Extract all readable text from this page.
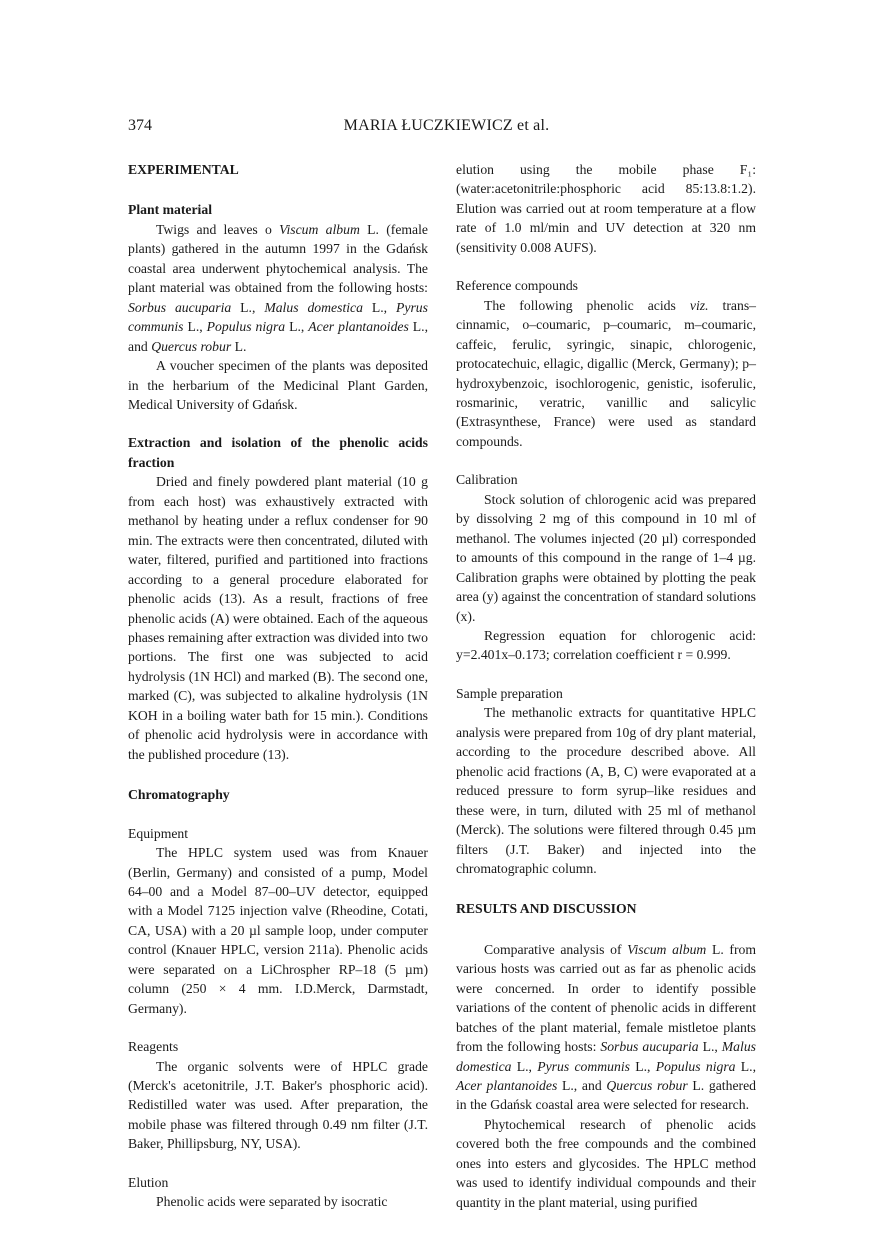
374	MARIA ŁUCZKIEWICZ et al.
EXPERIMENTAL
Plant material

Twigs and leaves o Viscum album L. (female plants) gathered in the autumn 1997 in the Gdańsk coastal area underwent phytochemical analysis. The plant material was obtained from the following hosts: Sorbus aucuparia L., Malus domestica L., Pyrus communis L., Populus nigra L., Acer plantanoides L., and Quercus robur L.

A voucher specimen of the plants was deposited in the herbarium of the Medicinal Plant Garden, Medical University of Gdańsk.

Extraction and isolation of the phenolic acids fraction

Dried and finely powdered plant material (10 g from each host) was exhaustively extracted with methanol by heating under a reflux condenser for 90 min. The extracts were then concentrated, diluted with water, filtered, purified and partitioned into fractions according to a general procedure elaborated for phenolic acids (13). As a result, fractions of free phenolic acids (A) were obtained. Each of the aqueous phases remaining after extraction was divided into two portions. The first one was subjected to acid hydrolysis (1N HCl) and marked (B). The second one, marked (C), was subjected to alkaline hydrolysis (1N KOH in a boiling water bath for 15 min.). Conditions of phenolic acid hydrolysis were in accordance with the published procedure (13).

Chromatography
Equipment

The HPLC system used was from Knauer (Berlin, Germany) and consisted of a pump, Model 64–00 and a Model 87–00–UV detector, equipped with a Model 7125 injection valve (Rheodine, Cotati, CA, USA) with a 20 µl sample loop, under computer control (Knauer HPLC, version 211a). Phenolic acids were separated on a LiChrospher RP–18 (5 µm) column (250 × 4 mm. I.D.Merck, Darmstadt, Germany).

Reagents

The organic solvents were of HPLC grade (Merck's acetonitrile, J.T. Baker's phosphoric acid). Redistilled water was used. After preparation, the mobile phase was filtered through 0.49 nm filter (J.T. Baker, Phillipsburg, NY, USA).

Elution

Phenolic acids were separated by isocratic

elution using the mobile phase F₁: (water:acetonitrile:phosphoric acid 85:13.8:1.2). Elution was carried out at room temperature at a flow rate of 1.0 ml/min and UV detection at 320 nm (sensitivity 0.008 AUFS).
Reference compounds

The following phenolic acids viz. trans–cinnamic, o–coumaric, p–coumaric, m–coumaric, caffeic, ferulic, syringic, sinapic, chlorogenic, protocatechuic, ellagic, digallic (Merck, Germany); p–hydroxybenzoic, isochlorogenic, genistic, isoferulic, rosmarinic, veratric, vanillic and salicylic (Extrasynthese, France) were used as standard compounds.

Calibration

Stock solution of chlorogenic acid was prepared by dissolving 2 mg of this compound in 10 ml of methanol. The volumes injected (20 µl) corresponded to amounts of this compound in the range of 1–4 µg. Calibration graphs were obtained by plotting the peak area (y) against the concentration of standard solutions (x).

Regression equation for chlorogenic acid: y=2.401x–0.173; correlation coefficient r = 0.999.

Sample preparation

The methanolic extracts for quantitative HPLC analysis were prepared from 10g of dry plant material, according to the procedure described above. All phenolic acid fractions (A, B, C) were evaporated at a reduced pressure to form syrup–like residues and these were, in turn, diluted with 25 ml of methanol (Merck). The solutions were filtered through 0.45 µm filters (J.T. Baker) and injected into the chromatographic column.

RESULTS AND DISCUSSION

Comparative analysis of Viscum album L. from various hosts was carried out as far as phenolic acids were concerned. In order to identify possible variations of the content of phenolic acids in different batches of the plant material, female mistletoe plants from the following hosts: Sorbus aucuparia L., Malus domestica L., Pyrus communis L., Populus nigra L., Acer plantanoides L., and Quercus robur L. gathered in the Gdańsk coastal area were selected for research.

Phytochemical research of phenolic acids covered both the free compounds and the combined ones into esters and glycosides. The HPLC method was used to identify individual compounds and their quantity in the plant material, using purified
